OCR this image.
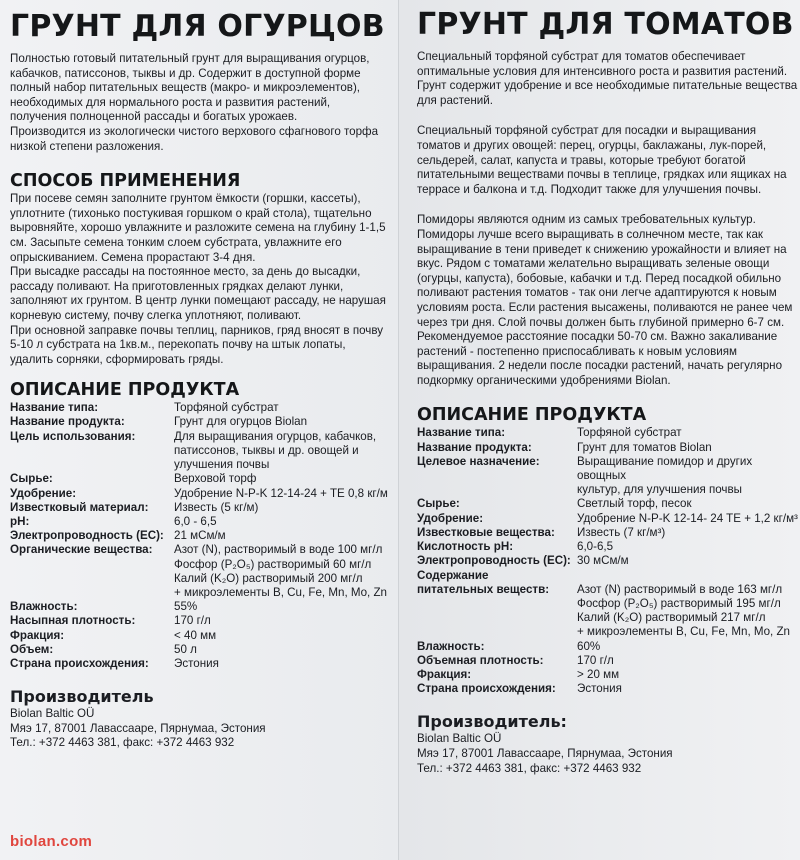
ГРУНТ ДЛЯ ОГУРЦОВ

Полностью готовый питательный грунт для выращивания огурцов, кабачков, патиссонов, тыквы и др. Содержит в доступной форме полный набор питательных веществ (макро- и микроэлементов), необходимых для нормального роста и развития растений, получения полноценной рассады и богатых урожаев.

Производится из экологически чистого верхового сфагнового торфа низкой степени разложения.

СПОСОБ ПРИМЕНЕНИЯ

При посеве семян заполните грунтом ёмкости (горшки, кассеты), уплотните (тихонько постукивая горшком о край стола), тщательно выровняйте, хорошо увлажните и разложите семена на глубину 1-1,5 см. Засыпьте семена тонким слоем субстрата, увлажните его опрыскиванием. Семена прорастают 3-4 дня.

При высадке рассады на постоянное место, за день до высадки, рассаду поливают. На приготовленных грядках делают лунки, заполняют их грунтом. В центр лунки помещают рассаду, не нарушая корневую систему, почву слегка уплотняют, поливают.

При основной заправке почвы теплиц, парников, гряд вносят в почву 5-10 л субстрата на 1кв.м., перекопать почву на штык лопаты, удалить сорняки, сформировать гряды.

ОПИСАНИЕ ПРОДУКТА
Название типа:	Торфяной субстрат
Название продукта:	Грунт для огурцов Biolan
Цель использования:	Для выращивания огурцов, кабачков,
патиссонов, тыквы и др. овощей и
улучшения почвы
Сырье:	Верховой торф
Удобрение:	Удобрение N-P-K 12-14-24 + TE 0,8 кг/м
Известковый материал:	Известь (5 кг/м)
pH:	6,0 - 6,5
Электропроводность (EC): 21 мСм/м
Органические вещества:	Азот (N), растворимый в воде 100 мг/л
Фосфор (P₂O₅) растворимый 60 мг/л
Калий (K₂O) растворимый 200 мг/л
+ микроэлементы B, Cu, Fe, Mn, Mo, Zn
Влажность:	55%
Насыпная плотность:	170 г/л
Фракция:	< 40 мм
Объем:	50 л
Страна происхождения:	Эстония
Производитель

Biolan Baltic OÜ

Мяэ 17, 87001 Лавассааре, Пярнумаа, Эстония

Тел.: +372 4463 381, факс: +372 4463 932

biolan.com
ГРУНТ ДЛЯ ТОМАТОВ

Специальный торфяной субстрат для томатов обеспечивает оптимальные условия для интенсивного роста и развития растений. Грунт содержит удобрение и все необходимые питательные вещества для растений.

Специальный торфяной субстрат для посадки и выращивания томатов и других овощей: перец, огурцы, баклажаны, лук-порей, сельдерей, салат, капуста и травы, которые требуют богатой питательными веществами почвы в теплице, грядках или ящиках на террасе и балкона и т.д. Подходит также для улучшения почвы.

Помидоры являются одним из самых требовательных культур. Помидоры лучше всего выращивать в солнечном месте, так как выращивание в тени приведет к снижению урожайности и влияет на вкус. Рядом с томатами желательно выращивать зеленые овощи (огурцы, капуста), бобовые, кабачки и т.д. Перед посадкой обильно поливают растения томатов - так они легче адаптируются к новым условиям роста. Если растения высажены, поливаются не ранее чем через три дня. Слой почвы должен быть глубиной примерно 6-7 см. Рекомендуемое расстояние посадки 50-70 см. Важно закаливание растений - постепенно приспосабливать к новым условиям выращивания. 2 недели после посадки растений, начать регулярно подкормку органическими удобрениями Biolan.

ОПИСАНИЕ ПРОДУКТА
Название типа:	Торфяной субстрат
Название продукта:	Грунт для томатов Biolan
Целевое назначение:	Выращивание помидор и других овощных
культур, для улучшения почвы
Сырье:	Светлый торф, песок
Удобрение:	Удобрение N-P-K 12-14- 24 TE + 1,2 кг/м³
Известковые вещества:	Известь (7 кг/м³)
Кислотность pH:	6,0-6,5
Электропроводность (EC): 30 мСм/м
Содержание
питательных веществ:	
Азот (N) растворимый в воде 163 мг/л
Фосфор (P₂O₅) растворимый 195 мг/л
Калий (K₂O) растворимый 217 мг/л
+ микроэлементы B, Cu, Fe, Mn, Mo, Zn
Влажность:	60%
Объемная плотность:	170 г/л
Фракция:	> 20 мм
Страна происхождения:	Эстония
Производитель:

Biolan Baltic OÜ

Мяэ 17, 87001 Лавассааре, Пярнумаа, Эстония

Тел.: +372 4463 381, факс: +372 4463 932
